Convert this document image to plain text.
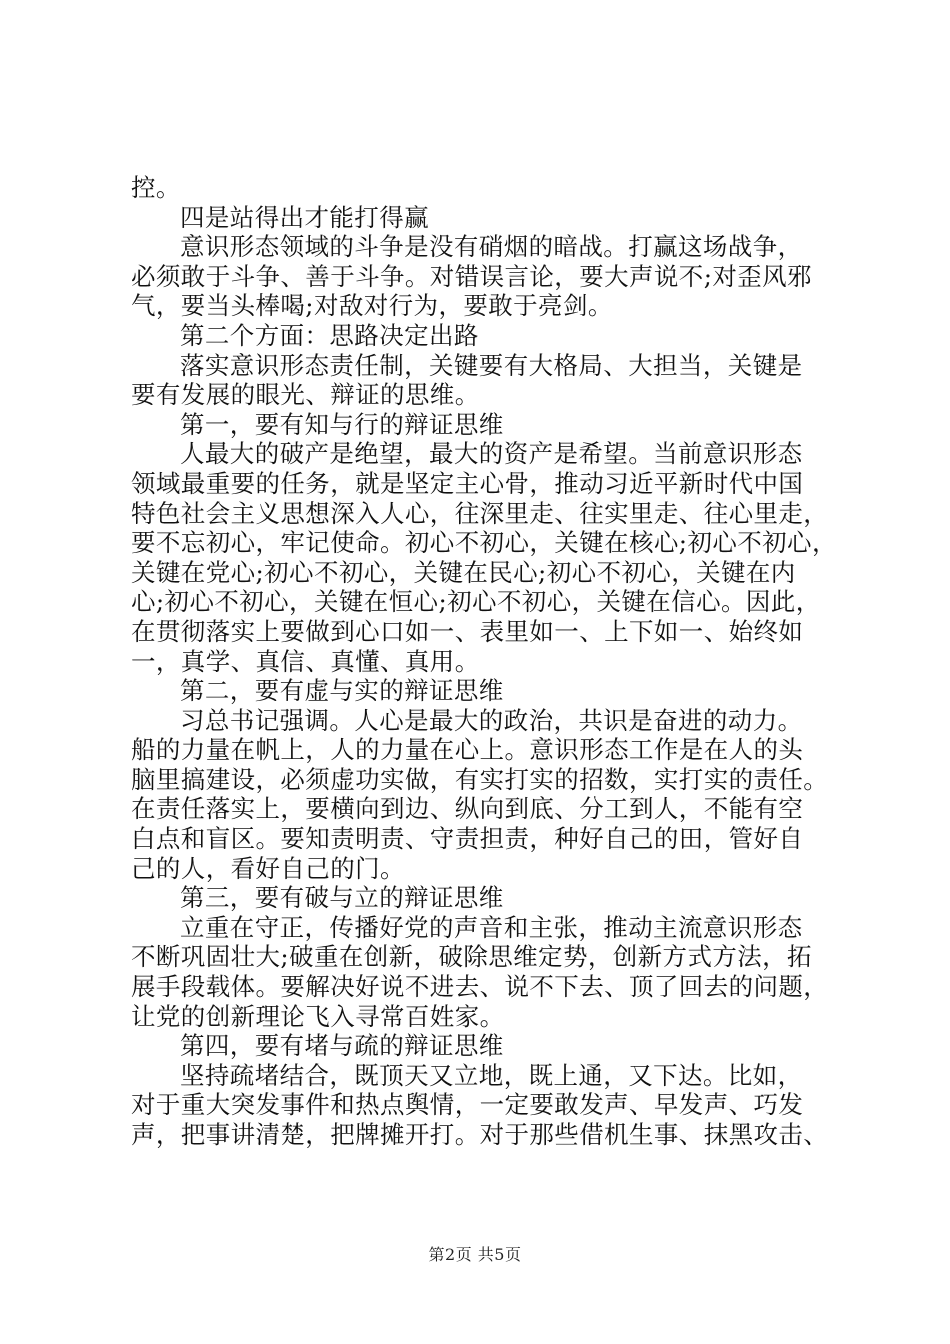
控。
四是站得出才能打得赢
意识形态领域的斗争是没有硝烟的暗战。打赢这场战争，
必须敢于斗争、善于斗争。对错误言论，要大声说不;对歪风邪
气，要当头棒喝;对敌对行为，要敢于亮剑。
第二个方面：思路决定出路
落实意识形态责任制，关键要有大格局、大担当，关键是
要有发展的眼光、辩证的思维。
第一，要有知与行的辩证思维
人最大的破产是绝望，最大的资产是希望。当前意识形态
领域最重要的任务，就是坚定主心骨，推动习近平新时代中国
特色社会主义思想深入人心，往深里走、往实里走、往心里走，
要不忘初心，牢记使命。初心不初心，关键在核心;初心不初心，
关键在党心;初心不初心，关键在民心;初心不初心，关键在内
心;初心不初心，关键在恒心;初心不初心，关键在信心。因此，
在贯彻落实上要做到心口如一、表里如一、上下如一、始终如
一，真学、真信、真懂、真用。
第二，要有虚与实的辩证思维
习总书记强调。人心是最大的政治，共识是奋进的动力。
船的力量在帆上，人的力量在心上。意识形态工作是在人的头
脑里搞建设，必须虚功实做，有实打实的招数，实打实的责任。
在责任落实上，要横向到边、纵向到底、分工到人，不能有空
白点和盲区。要知责明责、守责担责，种好自己的田，管好自
己的人，看好自己的门。
第三，要有破与立的辩证思维
立重在守正，传播好党的声音和主张，推动主流意识形态
不断巩固壮大;破重在创新，破除思维定势，创新方式方法，拓
展手段载体。要解决好说不进去、说不下去、顶了回去的问题，
让党的创新理论飞入寻常百姓家。
第四，要有堵与疏的辩证思维
坚持疏堵结合，既顶天又立地，既上通，又下达。比如，
对于重大突发事件和热点舆情，一定要敢发声、早发声、巧发
声，把事讲清楚，把牌摊开打。对于那些借机生事、抹黑攻击、
第2页 共5页
